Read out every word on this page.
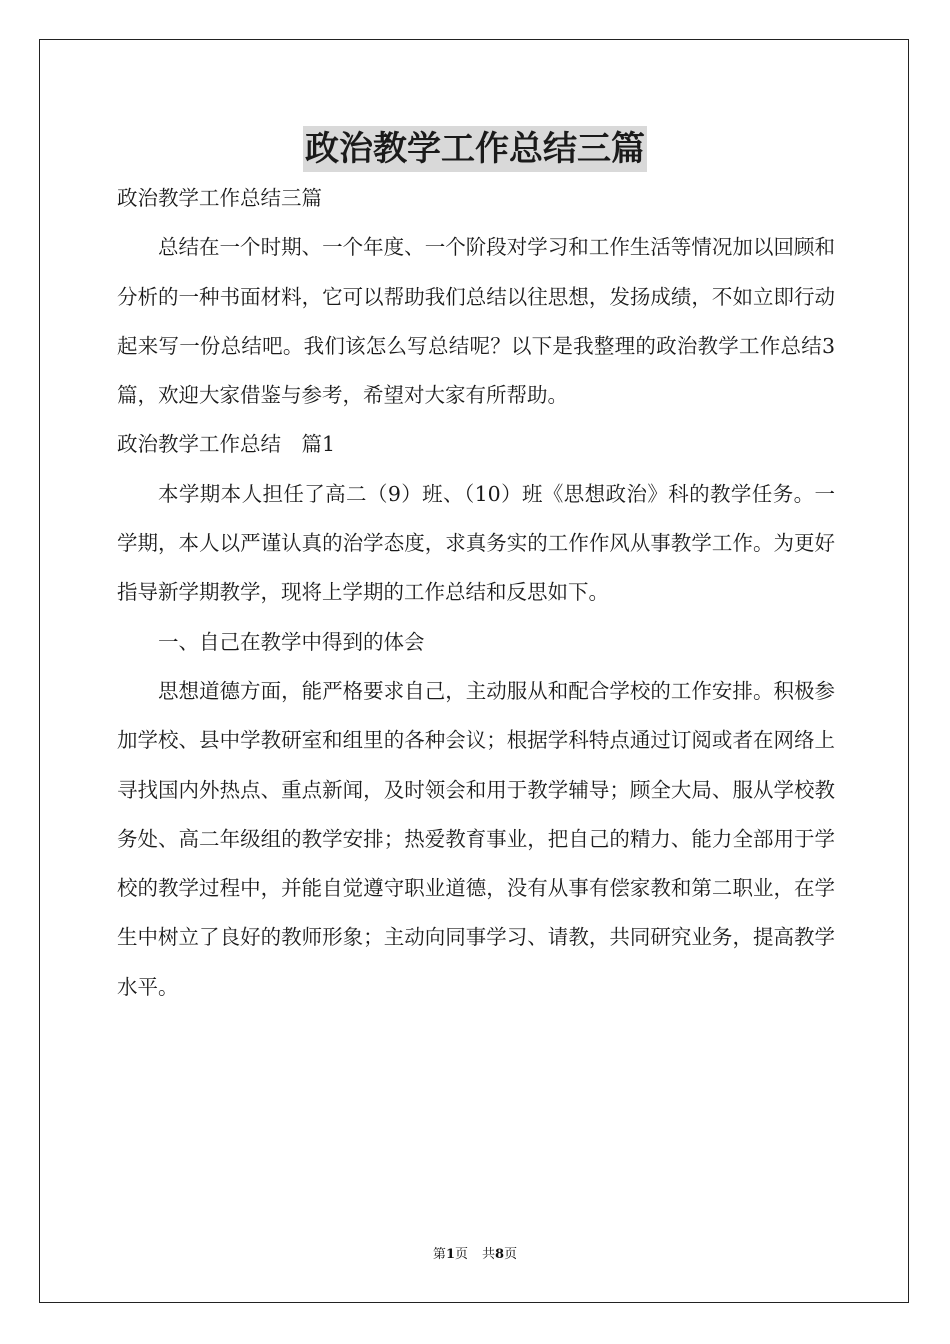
政治教学工作总结三篇

政治教学工作总结三篇

总结在一个时期、一个年度、一个阶段对学习和工作生活等情况加以回顾和分析的一种书面材料，它可以帮助我们总结以往思想，发扬成绩，不如立即行动起来写一份总结吧。我们该怎么写总结呢？以下是我整理的政治教学工作总结3篇，欢迎大家借鉴与参考，希望对大家有所帮助。

政治教学工作总结　篇1

本学期本人担任了高二（9）班、（10）班《思想政治》科的教学任务。一学期，本人以严谨认真的治学态度，求真务实的工作作风从事教学工作。为更好指导新学期教学，现将上学期的工作总结和反思如下。

一、自己在教学中得到的体会

思想道德方面，能严格要求自己，主动服从和配合学校的工作安排。积极参加学校、县中学教研室和组里的各种会议；根据学科特点通过订阅或者在网络上寻找国内外热点、重点新闻，及时领会和用于教学辅导；顾全大局、服从学校教务处、高二年级组的教学安排；热爱教育事业，把自己的精力、能力全部用于学校的教学过程中，并能自觉遵守职业道德，没有从事有偿家教和第二职业，在学生中树立了良好的教师形象；主动向同事学习、请教，共同研究业务，提高教学水平。

第1页 共8页
